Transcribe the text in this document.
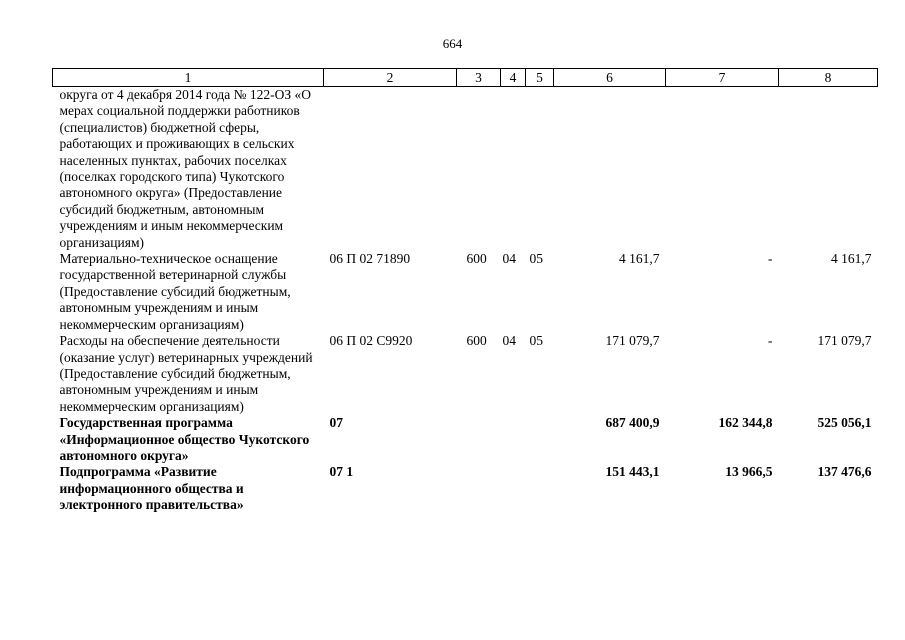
664
1	2	3	4	5	6	7	8
округа от 4 декабря 2014 года № 122-ОЗ «О мерах социальной поддержки работников (специалистов) бюджетной сферы, работающих и проживающих в сельских населенных пунктах, рабочих поселках (поселках городского типа) Чукотского автономного округа» (Предоставление субсидий бюджетным, автономным учреждениям и иным некоммерческим организациям)							
Материально-техническое оснащение государственной ветеринарной службы (Предоставление субсидий бюджетным, автономным учреждениям и иным некоммерческим организациям)	06 П 02 71890	600	04	05	4 161,7	-	4 161,7
Расходы на обеспечение деятельности (оказание услуг) ветеринарных учреждений (Предоставление субсидий бюджетным, автономным учреждениям и иным некоммерческим организациям)	06 П 02 С9920	600	04	05	171 079,7	-	171 079,7
Государственная программа «Информационное общество Чукотского автономного округа»	07				687 400,9	162 344,8	525 056,1
Подпрограмма «Развитие информационного общества и электронного правительства»	07 1				151 443,1	13 966,5	137 476,6
